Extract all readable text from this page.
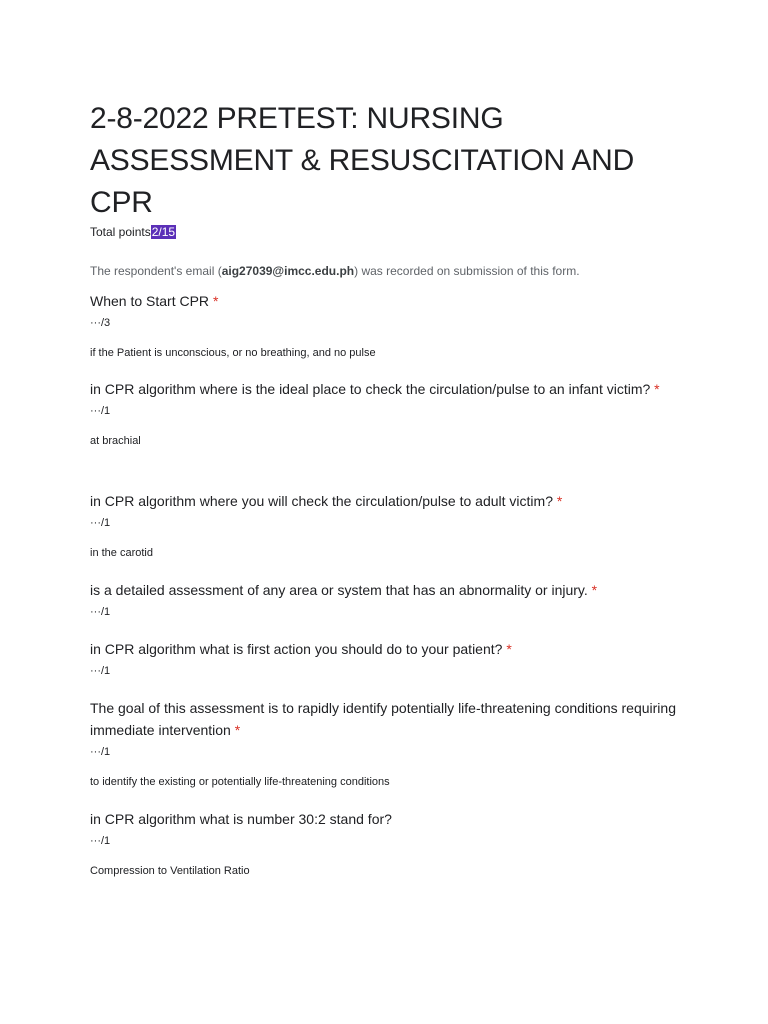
2-8-2022 PRETEST: NURSING ASSESSMENT & RESUSCITATION AND CPR
Total points2/15
The respondent's email (aig27039@imcc.edu.ph) was recorded on submission of this form.

When to Start CPR *

···/3
if the Patient is unconscious, or no breathing, and no pulse

in CPR algorithm where is the ideal place to check the circulation/pulse to an infant victim? *

···/1
at brachial

in CPR algorithm where you will check the circulation/pulse to adult victim? *

···/1
in the carotid

is a detailed assessment of any area or system that has an abnormality or injury. *

···/1

in CPR algorithm what is first action you should do to your patient? *

···/1

The goal of this assessment is to rapidly identify potentially life-threatening conditions requiring immediate intervention *

···/1
to identify the existing or potentially life-threatening conditions

in CPR algorithm what is number 30:2 stand for?

···/1
Compression to Ventilation Ratio
